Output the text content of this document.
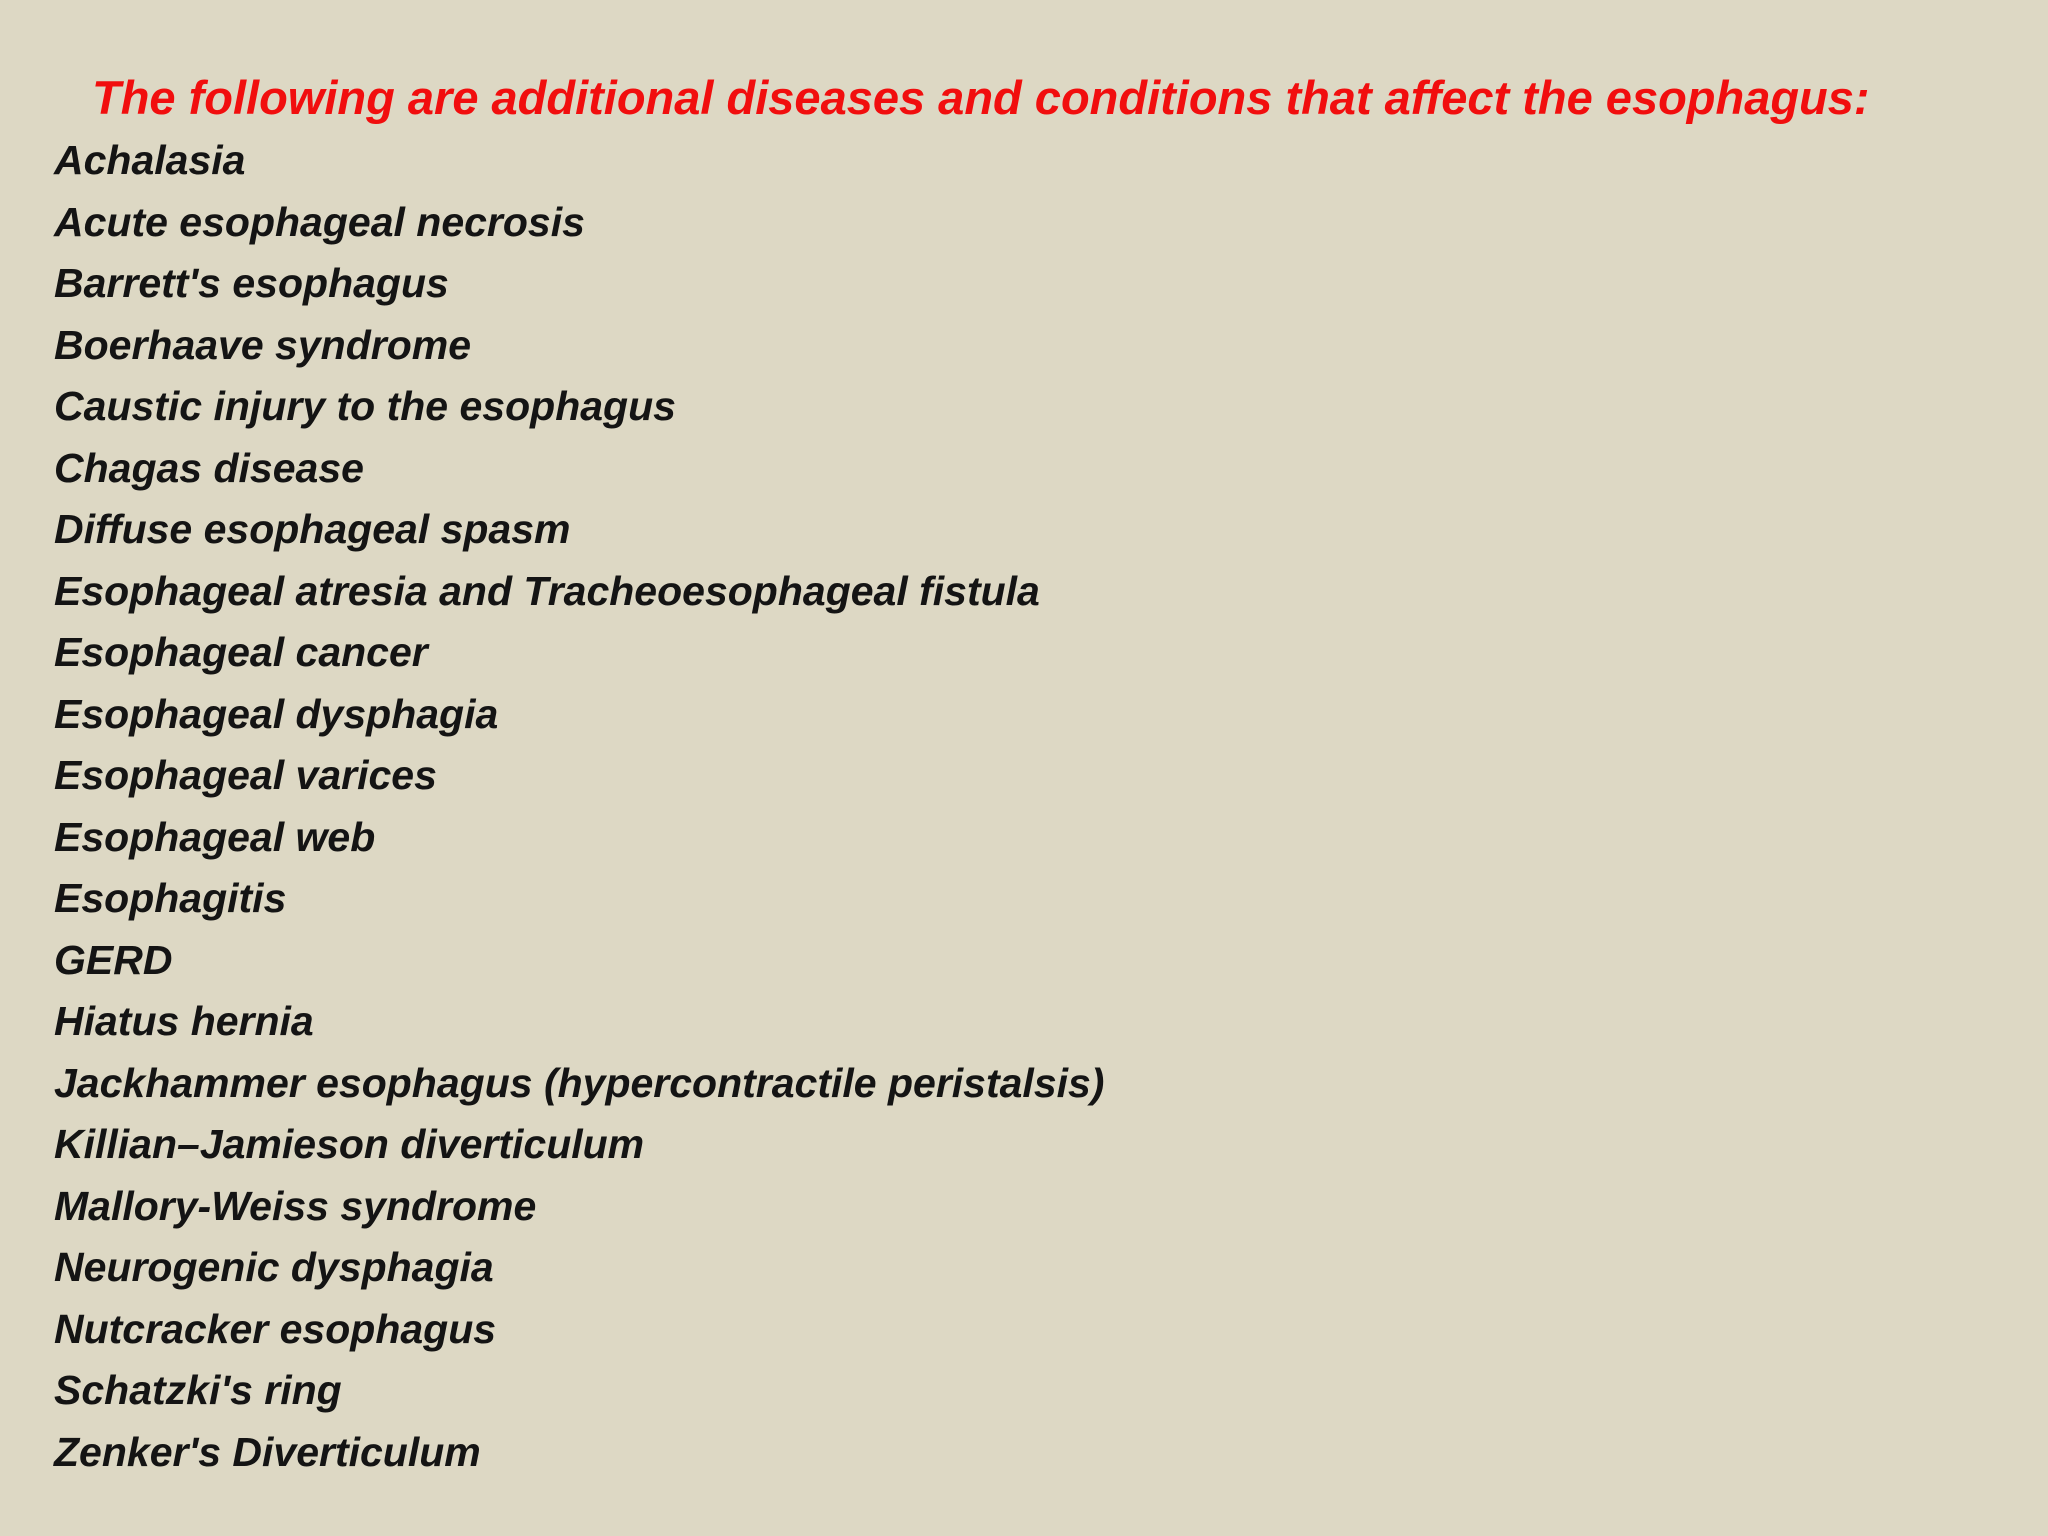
The following are additional diseases and conditions that affect the esophagus:
Achalasia
Acute esophageal necrosis
Barrett's esophagus
Boerhaave syndrome
Caustic injury to the esophagus
Chagas disease
Diffuse esophageal spasm
Esophageal atresia and Tracheoesophageal fistula
Esophageal cancer
Esophageal dysphagia
Esophageal varices
Esophageal web
Esophagitis
GERD
Hiatus hernia
Jackhammer esophagus (hypercontractile peristalsis)
Killian–Jamieson diverticulum
Mallory-Weiss syndrome
Neurogenic dysphagia
Nutcracker esophagus
Schatzki's ring
Zenker's Diverticulum
